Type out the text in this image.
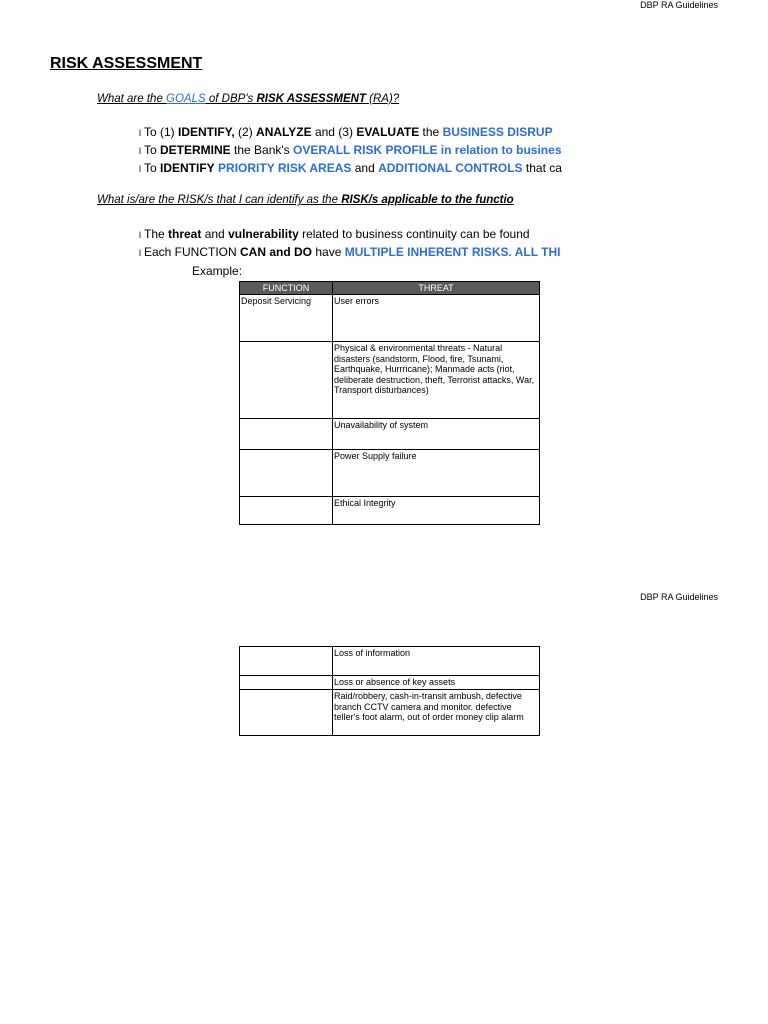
DBP RA Guidelines
RISK ASSESSMENT
What are the GOALS of DBP's RISK ASSESSMENT (RA)?
l To (1) IDENTIFY, (2) ANALYZE and (3) EVALUATE the BUSINESS DISRUP
l To DETERMINE the Bank's OVERALL RISK PROFILE in relation to busines
l To IDENTIFY PRIORITY RISK AREAS and ADDITIONAL CONTROLS that ca
What is/are the RISK/s that I can identify as the RISK/s applicable to the functio
l The threat and vulnerability related to business continuity can be found
l Each FUNCTION CAN and DO have MULTIPLE INHERENT RISKS. ALL THI
Example:
FUNCTION	THREAT
Deposit Servicing	User errors
	Physical & environmental threats - Natural disasters (sandstorm, Flood, fire, Tsunami, Earthquake, Hurrricane); Manmade acts (riot, deliberate destruction, theft, Terrorist attacks, War, Transport disturbances)
	Unavailability of system
	Power Supply failure
	Ethical Integrity
DBP RA Guidelines
	Loss of information
	Loss or absence of key assets
	Raid/robbery, cash-in-transit ambush, defective branch CCTV camera and monitor. defective teller's foot alarm, out of order money clip alarm
